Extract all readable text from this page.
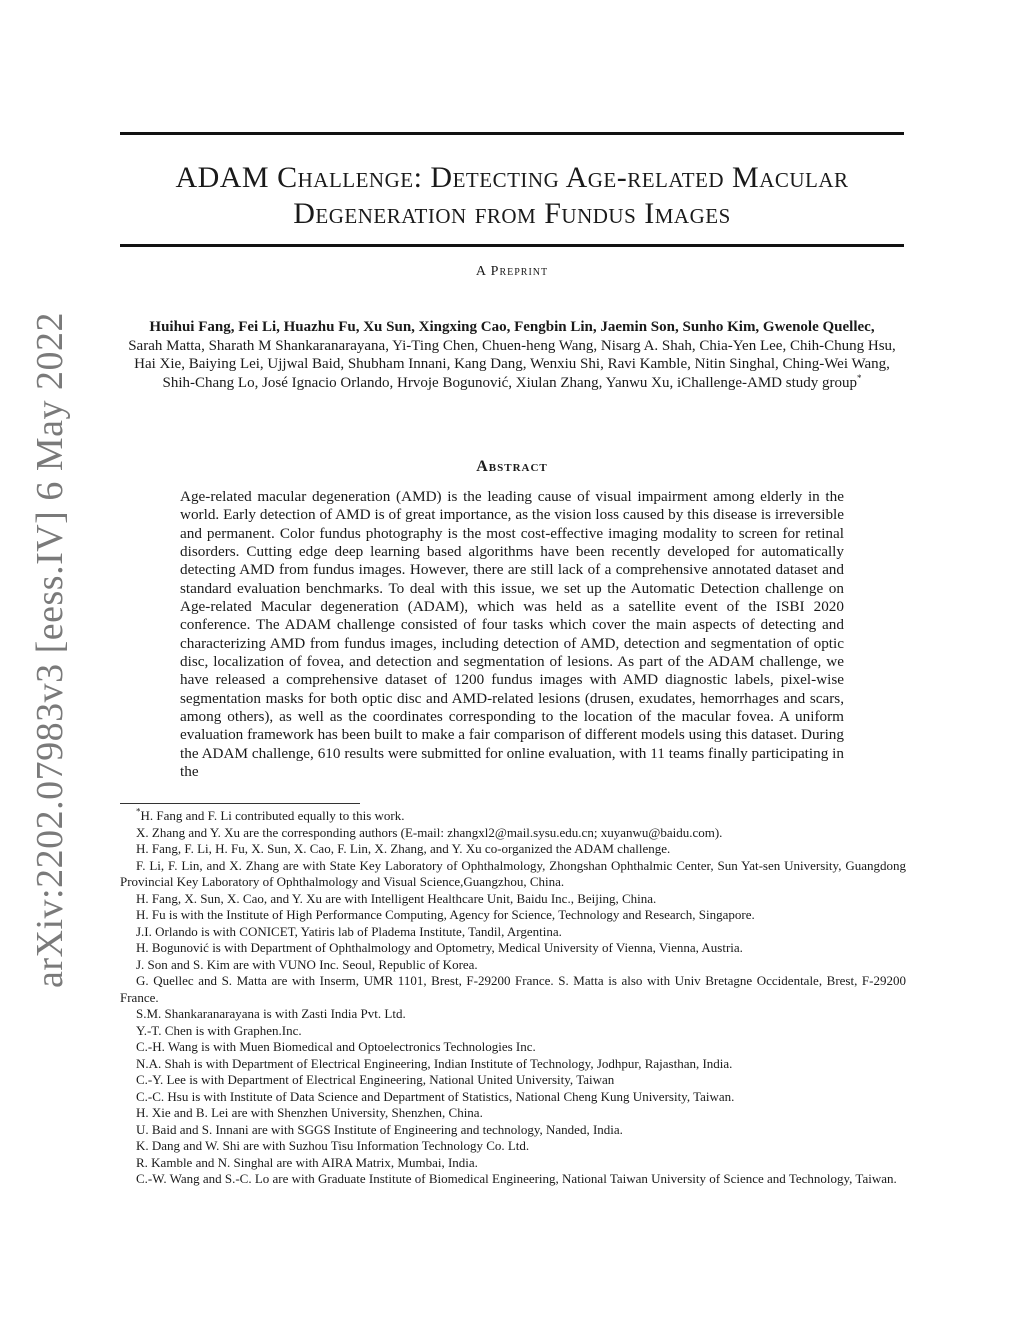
arXiv:2202.07983v3 [eess.IV] 6 May 2022
ADAM Challenge: Detecting Age-related Macular
Degeneration from Fundus Images
A Preprint
Huihui Fang, Fei Li, Huazhu Fu, Xu Sun, Xingxing Cao, Fengbin Lin, Jaemin Son, Sunho Kim, Gwenole Quellec,
Sarah Matta, Sharath M Shankaranarayana, Yi-Ting Chen, Chuen-heng Wang, Nisarg A. Shah, Chia-Yen Lee, Chih-Chung Hsu,
Hai Xie, Baiying Lei, Ujjwal Baid, Shubham Innani, Kang Dang, Wenxiu Shi, Ravi Kamble, Nitin Singhal, Ching-Wei Wang,
Shih-Chang Lo, José Ignacio Orlando, Hrvoje Bogunović, Xiulan Zhang, Yanwu Xu, iChallenge-AMD study group*
Abstract

Age-related macular degeneration (AMD) is the leading cause of visual impairment among elderly in the world. Early detection of AMD is of great importance, as the vision loss caused by this disease is irreversible and permanent. Color fundus photography is the most cost-effective imaging modality to screen for retinal disorders. Cutting edge deep learning based algorithms have been recently developed for automatically detecting AMD from fundus images. However, there are still lack of a comprehensive annotated dataset and standard evaluation benchmarks. To deal with this issue, we set up the Automatic Detection challenge on Age-related Macular degeneration (ADAM), which was held as a satellite event of the ISBI 2020 conference. The ADAM challenge consisted of four tasks which cover the main aspects of detecting and characterizing AMD from fundus images, including detection of AMD, detection and segmentation of optic disc, localization of fovea, and detection and segmentation of lesions. As part of the ADAM challenge, we have released a comprehensive dataset of 1200 fundus images with AMD diagnostic labels, pixel-wise segmentation masks for both optic disc and AMD-related lesions (drusen, exudates, hemorrhages and scars, among others), as well as the coordinates corresponding to the location of the macular fovea. A uniform evaluation framework has been built to make a fair comparison of different models using this dataset. During the ADAM challenge, 610 results were submitted for online evaluation, with 11 teams finally participating in the

*H. Fang and F. Li contributed equally to this work.

X. Zhang and Y. Xu are the corresponding authors (E-mail: zhangxl2@mail.sysu.edu.cn; xuyanwu@baidu.com).

H. Fang, F. Li, H. Fu, X. Sun, X. Cao, F. Lin, X. Zhang, and Y. Xu co-organized the ADAM challenge.

F. Li, F. Lin, and X. Zhang are with State Key Laboratory of Ophthalmology, Zhongshan Ophthalmic Center, Sun Yat-sen University, Guangdong Provincial Key Laboratory of Ophthalmology and Visual Science,Guangzhou, China.

H. Fang, X. Sun, X. Cao, and Y. Xu are with Intelligent Healthcare Unit, Baidu Inc., Beijing, China.

H. Fu is with the Institute of High Performance Computing, Agency for Science, Technology and Research, Singapore.

J.I. Orlando is with CONICET, Yatiris lab of Pladema Institute, Tandil, Argentina.

H. Bogunović is with Department of Ophthalmology and Optometry, Medical University of Vienna, Vienna, Austria.

J. Son and S. Kim are with VUNO Inc. Seoul, Republic of Korea.

G. Quellec and S. Matta are with Inserm, UMR 1101, Brest, F-29200 France. S. Matta is also with Univ Bretagne Occidentale, Brest, F-29200 France.

S.M. Shankaranarayana is with Zasti India Pvt. Ltd.

Y.-T. Chen is with Graphen.Inc.

C.-H. Wang is with Muen Biomedical and Optoelectronics Technologies Inc.

N.A. Shah is with Department of Electrical Engineering, Indian Institute of Technology, Jodhpur, Rajasthan, India.

C.-Y. Lee is with Department of Electrical Engineering, National United University, Taiwan

C.-C. Hsu is with Institute of Data Science and Department of Statistics, National Cheng Kung University, Taiwan.

H. Xie and B. Lei are with Shenzhen University, Shenzhen, China.

U. Baid and S. Innani are with SGGS Institute of Engineering and technology, Nanded, India.

K. Dang and W. Shi are with Suzhou Tisu Information Technology Co. Ltd.

R. Kamble and N. Singhal are with AIRA Matrix, Mumbai, India.

C.-W. Wang and S.-C. Lo are with Graduate Institute of Biomedical Engineering, National Taiwan University of Science and Technology, Taiwan.
